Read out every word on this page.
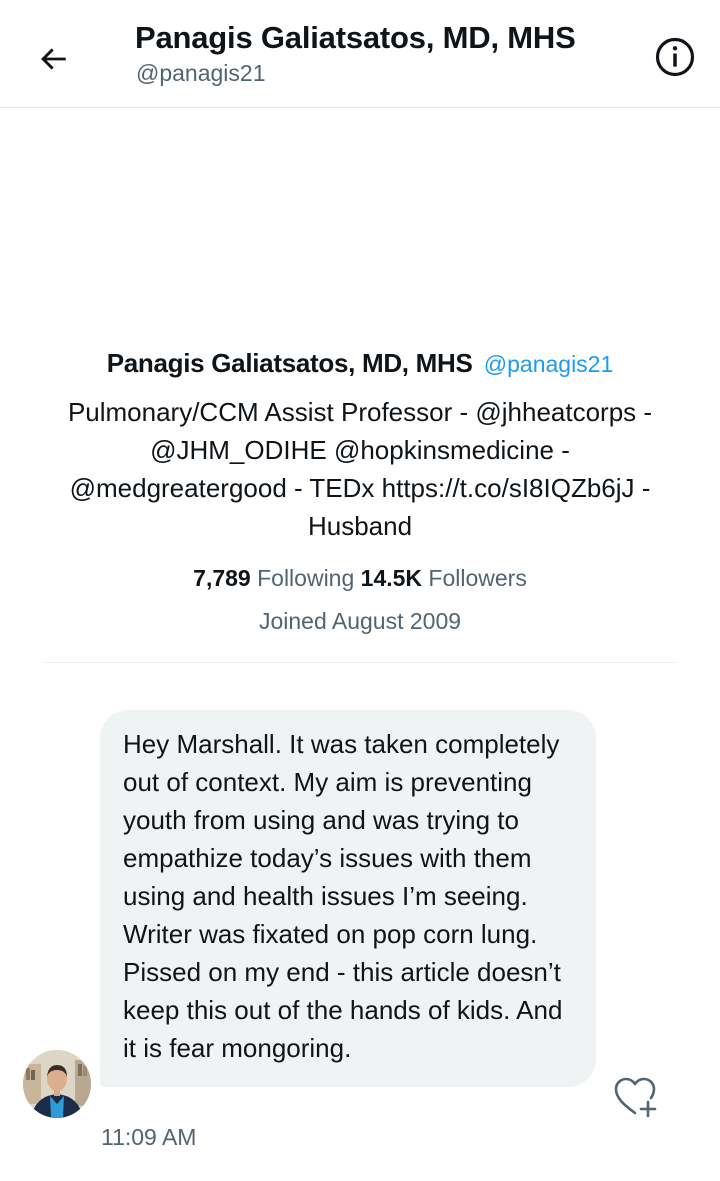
Panagis Galiatsatos, MD, MHS
@panagis21
Panagis Galiatsatos, MD, MHS @panagis21
Pulmonary/CCM Assist Professor - @jhheatcorps - @JHM_ODIHE @hopkinsmedicine - @medgreatergood - TEDx https://t.co/sI8IQZb6jJ - Husband
7,789 Following 14.5K Followers
Joined August 2009
Hey Marshall. It was taken completely out of context. My aim is preventing youth from using and was trying to empathize today’s issues with them using and health issues I’m seeing. Writer was fixated on pop corn lung. Pissed on my end - this article doesn’t keep this out of the hands of kids. And it is fear mongoring.
11:09 AM
